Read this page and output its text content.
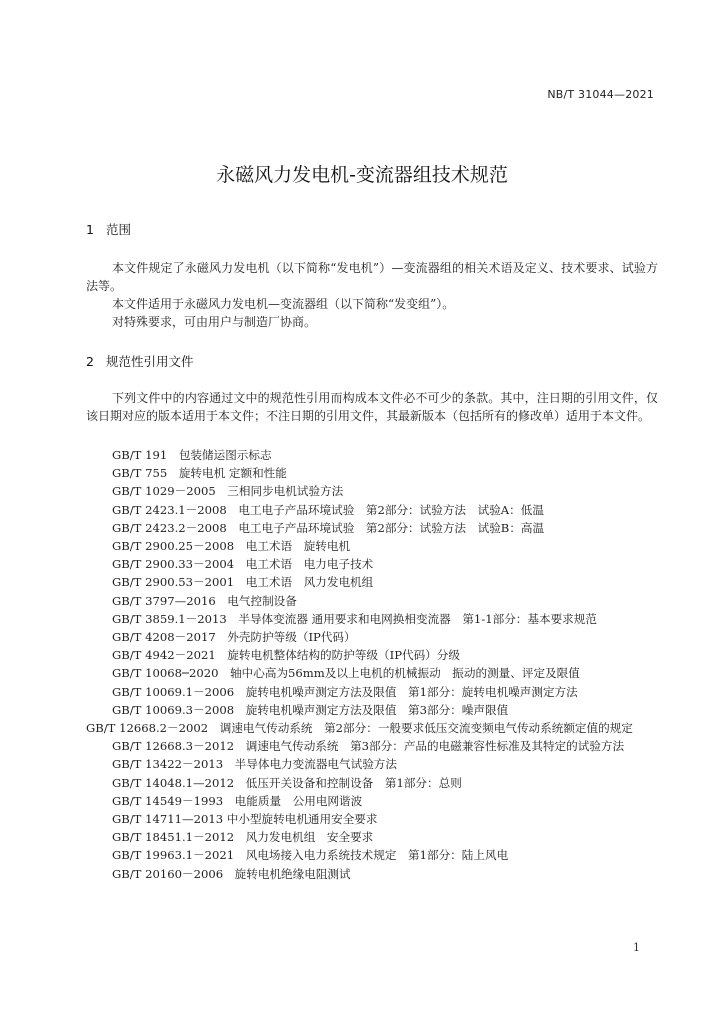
NB/T 31044—2021
永磁风力发电机-变流器组技术规范
1 范围
本文件规定了永磁风力发电机（以下简称“发电机”）—变流器组的相关术语及定义、技术要求、试验方法等。
本文件适用于永磁风力发电机—变流器组（以下简称“发变组”）。
对特殊要求，可由用户与制造厂协商。
2 规范性引用文件
下列文件中的内容通过文中的规范性引用而构成本文件必不可少的条款。其中，注日期的引用文件，仅该日期对应的版本适用于本文件；不注日期的引用文件，其最新版本（包括所有的修改单）适用于本文件。
GB/T 191　包装储运图示标志
GB/T 755　旋转电机 定额和性能
GB/T 1029－2005　三相同步电机试验方法
GB/T 2423.1－2008　电工电子产品环境试验　第2部分：试验方法　试验A：低温
GB/T 2423.2－2008　电工电子产品环境试验　第2部分：试验方法　试验B：高温
GB/T 2900.25－2008　电工术语　旋转电机
GB/T 2900.33－2004　电工术语　电力电子技术
GB/T 2900.53－2001　电工术语　风力发电机组
GB/T 3797—2016　电气控制设备
GB/T 3859.1－2013　半导体变流器 通用要求和电网换相变流器　第1-1部分：基本要求规范
GB/T 4208－2017　外壳防护等级（IP代码）
GB/T 4942－2021　旋转电机整体结构的防护等级（IP代码）分级
GB/T 10068─2020　轴中心高为56mm及以上电机的机械振动　振动的测量、评定及限值
GB/T 10069.1－2006　旋转电机噪声测定方法及限值　第1部分：旋转电机噪声测定方法
GB/T 10069.3－2008　旋转电机噪声测定方法及限值　第3部分：噪声限值
GB/T 12668.2－2002　调速电气传动系统　第2部分：一般要求低压交流变频电气传动系统额定值的规定
GB/T 12668.3－2012　调速电气传动系统　第3部分：产品的电磁兼容性标准及其特定的试验方法
GB/T 13422－2013　半导体电力变流器电气试验方法
GB/T 14048.1—2012　低压开关设备和控制设备　第1部分：总则
GB/T 14549－1993　电能质量　公用电网谐波
GB/T 14711—2013 中小型旋转电机通用安全要求
GB/T 18451.1－2012　风力发电机组　安全要求
GB/T 19963.1－2021　风电场接入电力系统技术规定　第1部分：陆上风电
GB/T 20160－2006　旋转电机绝缘电阻测试
1
